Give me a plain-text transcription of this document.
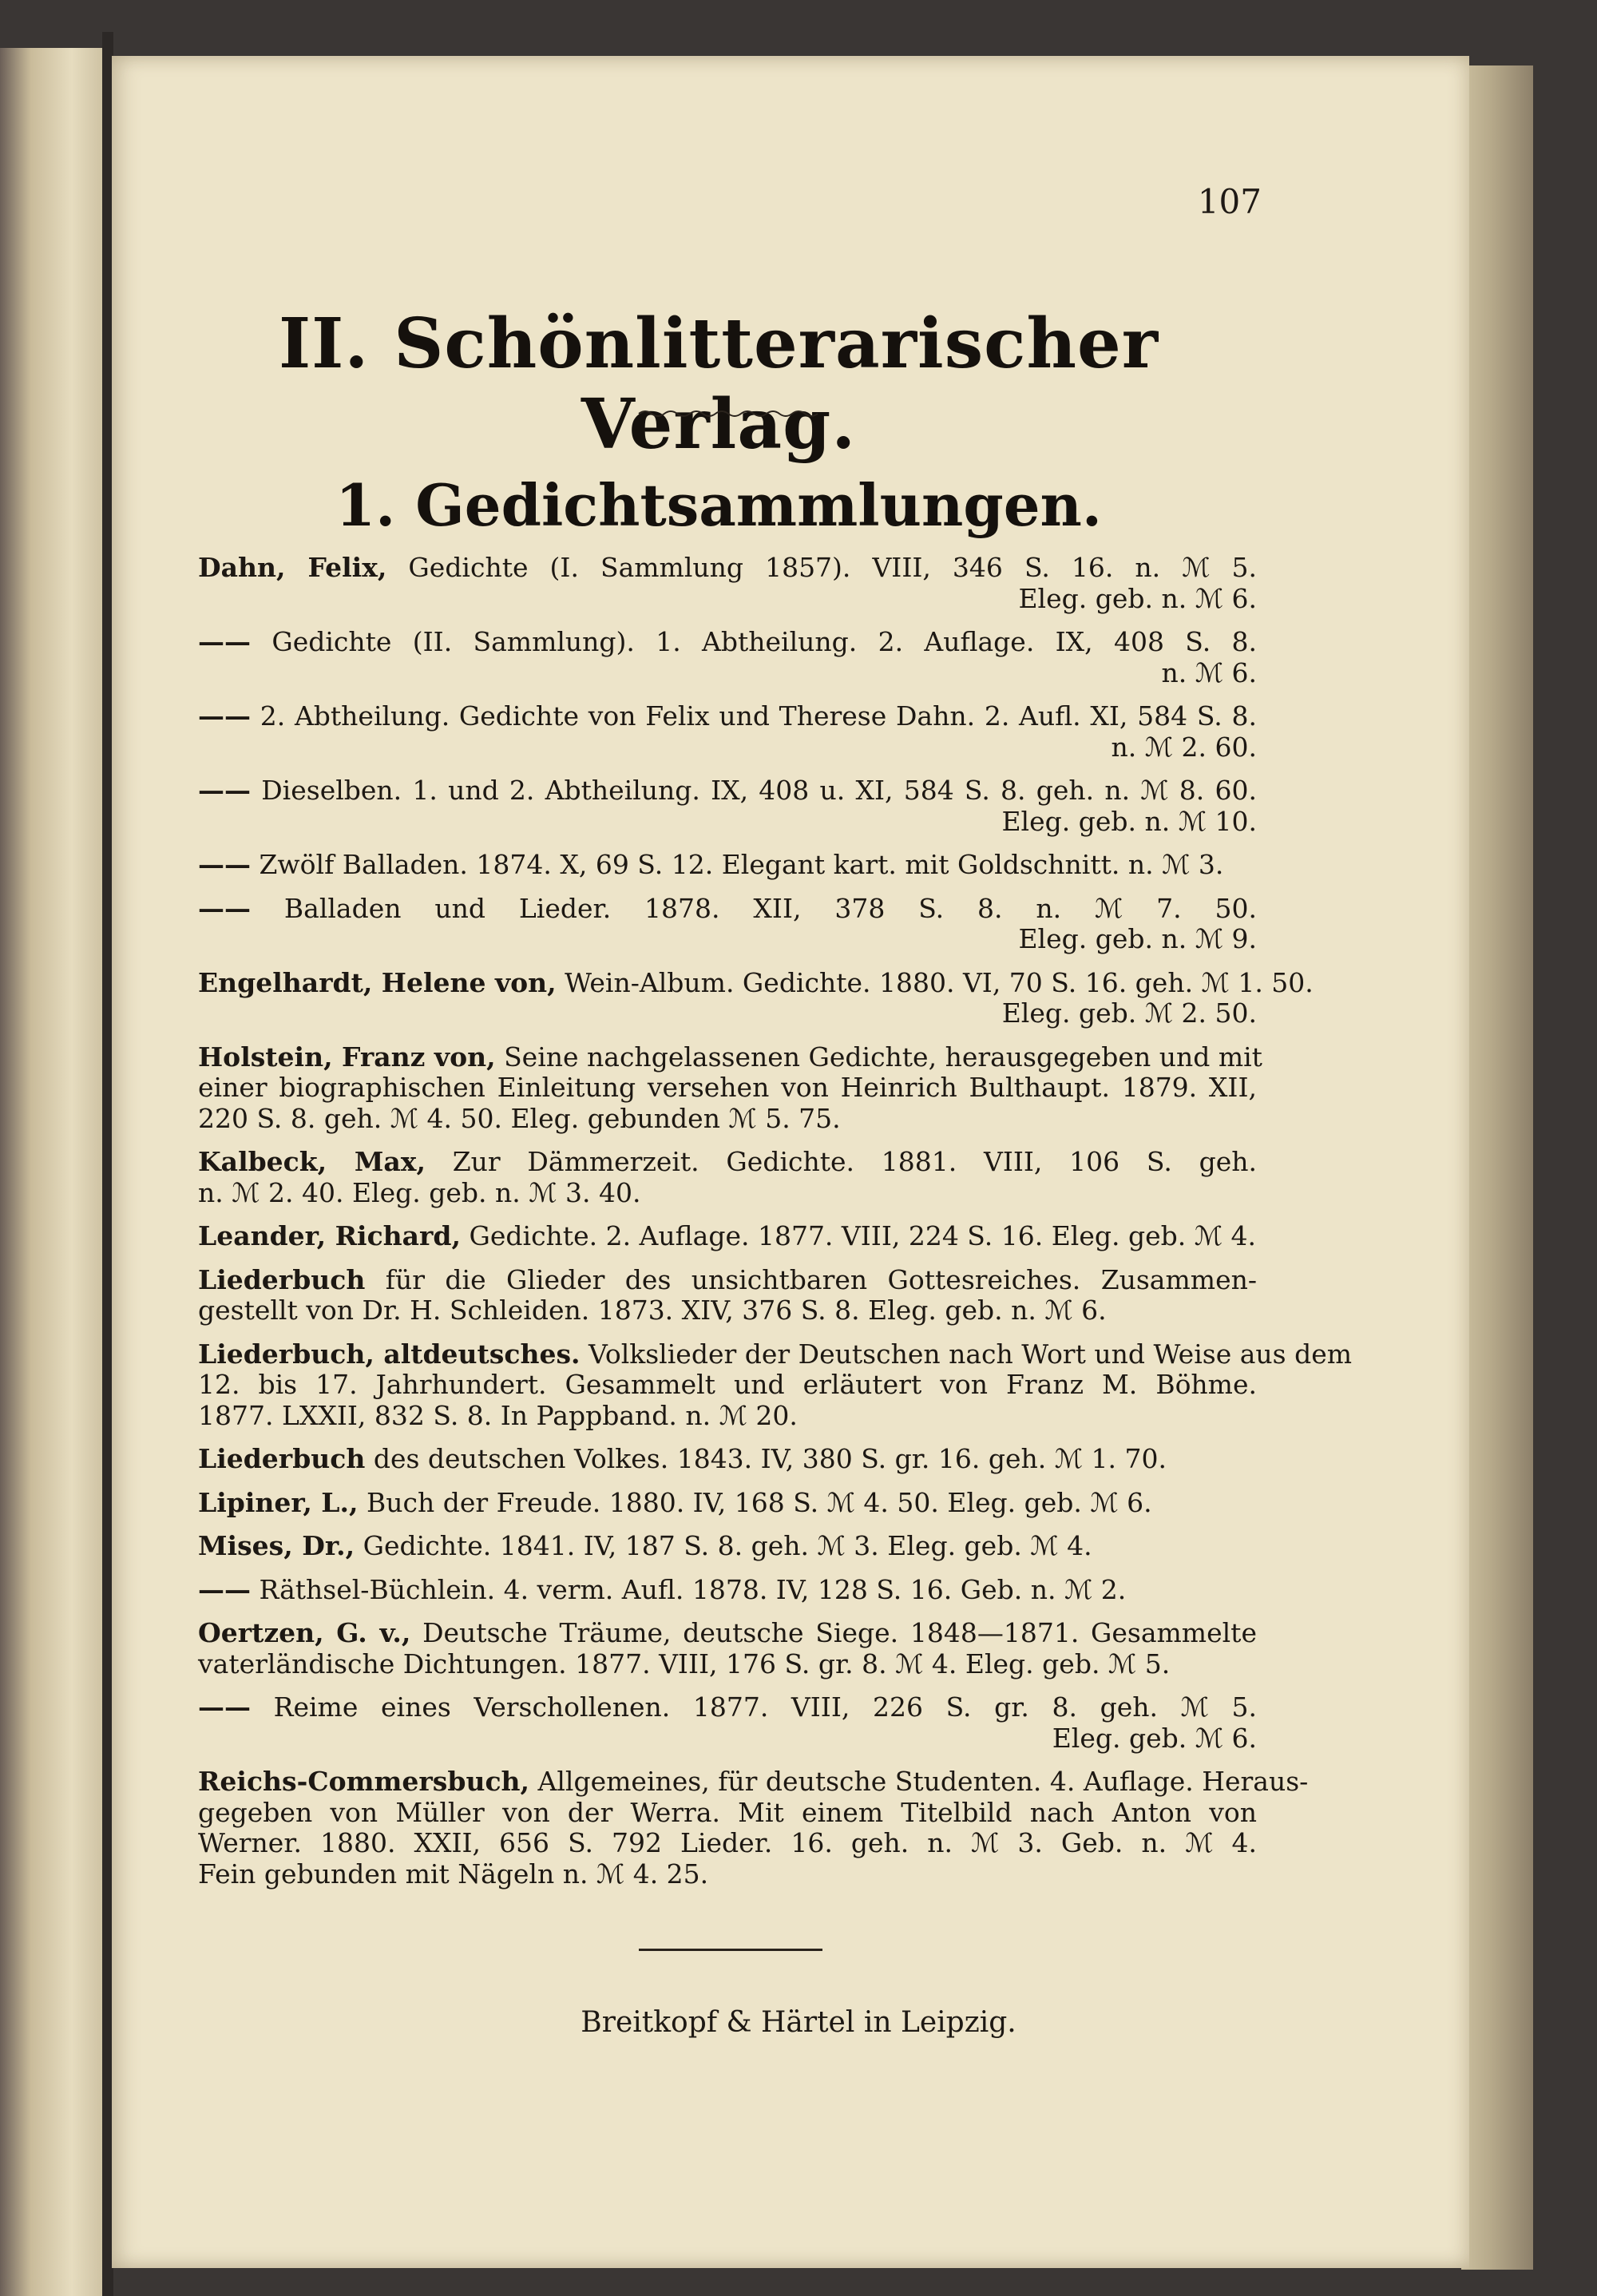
107
II. Schönlitterarischer Verlag.
1. Gedichtsammlungen.
Dahn, Felix, Gedichte (I. Sammlung 1857). VIII, 346 S. 16. n. ℳ 5.
Eleg. geb. n. ℳ 6.
—— Gedichte (II. Sammlung). 1. Abtheilung. 2. Auflage. IX, 408 S. 8.
n. ℳ 6.
—— 2. Abtheilung. Gedichte von Felix und Therese Dahn. 2. Aufl. XI, 584 S. 8.
n. ℳ 2. 60.
—— Dieselben. 1. und 2. Abtheilung. IX, 408 u. XI, 584 S. 8. geh. n. ℳ 8. 60.
Eleg. geb. n. ℳ 10.
—— Zwölf Balladen. 1874. X, 69 S. 12. Elegant kart. mit Goldschnitt. n. ℳ 3.
—— Balladen und Lieder. 1878. XII, 378 S. 8. n. ℳ 7. 50.
Eleg. geb. n. ℳ 9.
Engelhardt, Helene von, Wein-Album. Gedichte. 1880. VI, 70 S. 16. geh. ℳ 1. 50.
Eleg. geb. ℳ 2. 50.
Holstein, Franz von, Seine nachgelassenen Gedichte, herausgegeben und mit
einer biographischen Einleitung versehen von Heinrich Bulthaupt. 1879. XII,
220 S. 8. geh. ℳ 4. 50. Eleg. gebunden ℳ 5. 75.
Kalbeck, Max, Zur Dämmerzeit. Gedichte. 1881. VIII, 106 S. geh.
n. ℳ 2. 40. Eleg. geb. n. ℳ 3. 40.
Leander, Richard, Gedichte. 2. Auflage. 1877. VIII, 224 S. 16. Eleg. geb. ℳ 4.
Liederbuch für die Glieder des unsichtbaren Gottesreiches. Zusammen-
gestellt von Dr. H. Schleiden. 1873. XIV, 376 S. 8. Eleg. geb. n. ℳ 6.
Liederbuch, altdeutsches. Volkslieder der Deutschen nach Wort und Weise aus dem
12. bis 17. Jahrhundert. Gesammelt und erläutert von Franz M. Böhme.
1877. LXXII, 832 S. 8. In Pappband. n. ℳ 20.
Liederbuch des deutschen Volkes. 1843. IV, 380 S. gr. 16. geh. ℳ 1. 70.
Lipiner, L., Buch der Freude. 1880. IV, 168 S. ℳ 4. 50. Eleg. geb. ℳ 6.
Mises, Dr., Gedichte. 1841. IV, 187 S. 8. geh. ℳ 3. Eleg. geb. ℳ 4.
—— Räthsel-Büchlein. 4. verm. Aufl. 1878. IV, 128 S. 16. Geb. n. ℳ 2.
Oertzen, G. v., Deutsche Träume, deutsche Siege. 1848—1871. Gesammelte
vaterländische Dichtungen. 1877. VIII, 176 S. gr. 8. ℳ 4. Eleg. geb. ℳ 5.
—— Reime eines Verschollenen. 1877. VIII, 226 S. gr. 8. geh. ℳ 5.
Eleg. geb. ℳ 6.
Reichs-Commersbuch, Allgemeines, für deutsche Studenten. 4. Auflage. Heraus-
gegeben von Müller von der Werra. Mit einem Titelbild nach Anton von
Werner. 1880. XXII, 656 S. 792 Lieder. 16. geh. n. ℳ 3. Geb. n. ℳ 4.
Fein gebunden mit Nägeln n. ℳ 4. 25.
Breitkopf & Härtel in Leipzig.
